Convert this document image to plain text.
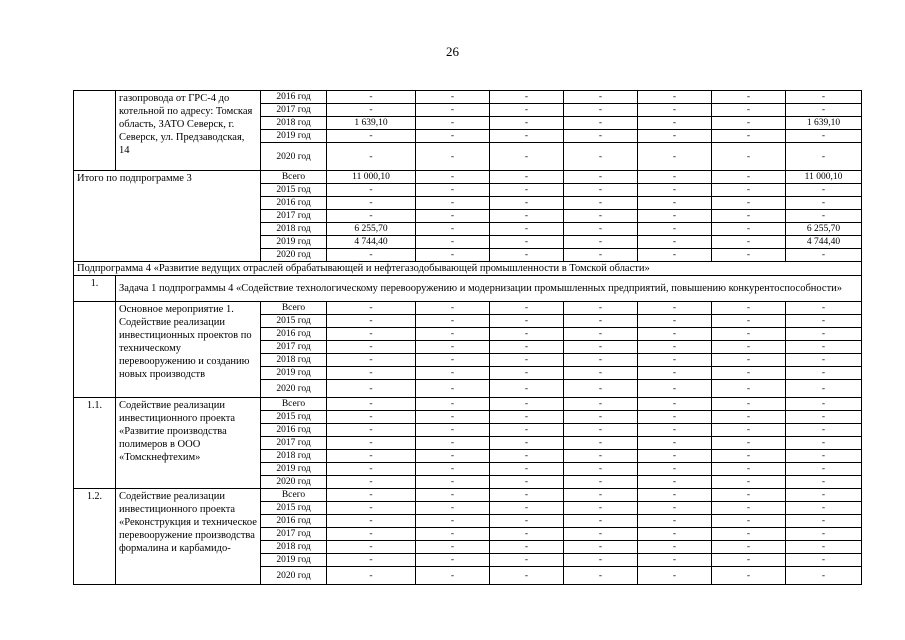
26
	газопровода от ГРС-4 до котельной по адресу: Томская область, ЗАТО Северск, г. Северск, ул. Предзаводская, 14	2016 год	-	-	-	-	-	-	-
		2017 год	-	-	-	-	-	-	-
		2018 год	1 639,10	-	-	-	-	-	1 639,10
		2019 год	-	-	-	-	-	-	-
		2020 год	-	-	-	-	-	-	-
Итого по подпрограмме 3		Всего	11 000,10	-	-	-	-	-	11 000,10
		2015 год	-	-	-	-	-	-	-
		2016 год	-	-	-	-	-	-	-
		2017 год	-	-	-	-	-	-	-
		2018 год	6 255,70	-	-	-	-	-	6 255,70
		2019 год	4 744,40	-	-	-	-	-	4 744,40
		2020 год	-	-	-	-	-	-	-
Подпрограмма 4 «Развитие ведущих отраслей обрабатывающей и нефтегазодобывающей промышленности в Томской области»									
1.	Задача 1 подпрограммы 4 «Содействие технологическому перевооружению и модернизации промышленных предприятий, повышению конкурентоспособности»								
	Основное мероприятие 1. Содействие реализации инвестиционных проектов по техническому перевооружению и созданию новых производств	Всего	-	-	-	-	-	-	-
		2015 год	-	-	-	-	-	-	-
		2016 год	-	-	-	-	-	-	-
		2017 год	-	-	-	-	-	-	-
		2018 год	-	-	-	-	-	-	-
		2019 год	-	-	-	-	-	-	-
		2020 год	-	-	-	-	-	-	-
1.1.	Содействие реализации инвестиционного проекта «Развитие производства полимеров в ООО «Томскнефтехим»	Всего	-	-	-	-	-	-	-
		2015 год	-	-	-	-	-	-	-
		2016 год	-	-	-	-	-	-	-
		2017 год	-	-	-	-	-	-	-
		2018 год	-	-	-	-	-	-	-
		2019 год	-	-	-	-	-	-	-
		2020 год	-	-	-	-	-	-	-
1.2.	Содействие реализации инвестиционного проекта «Реконструкция и техническое перевооружение производства формалина и карбамидо-	Всего	-	-	-	-	-	-	-
		2015 год	-	-	-	-	-	-	-
		2016 год	-	-	-	-	-	-	-
		2017 год	-	-	-	-	-	-	-
		2018 год	-	-	-	-	-	-	-
		2019 год	-	-	-	-	-	-	-
		2020 год	-	-	-	-	-	-	-
